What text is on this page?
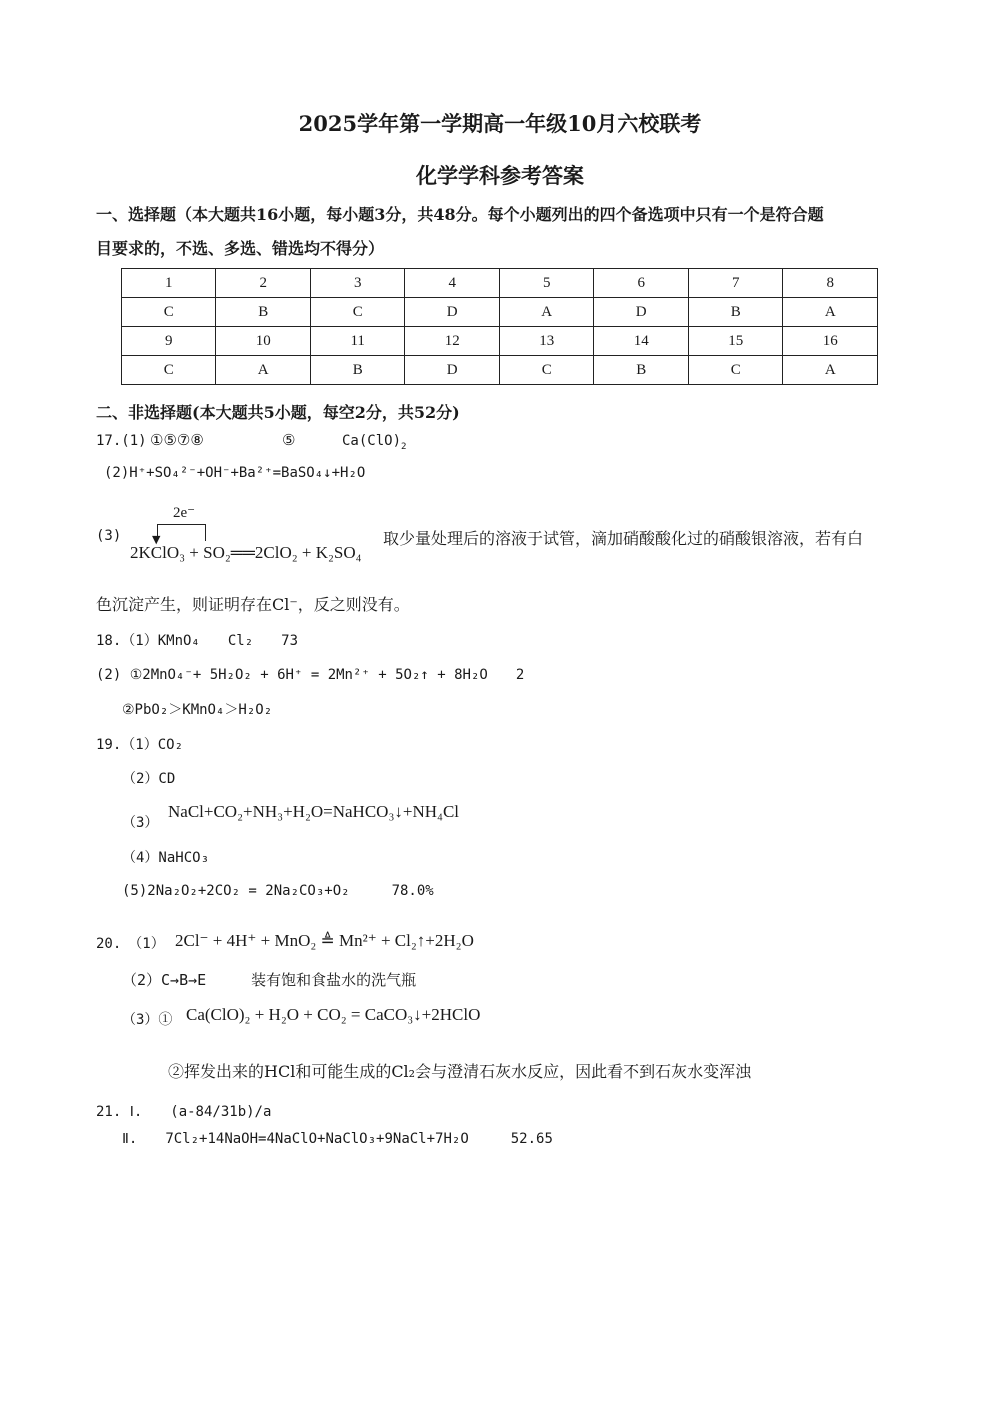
2025学年第一学期高一年级10月六校联考
化学学科参考答案
一、选择题（本大题共16小题，每小题3分，共48分。每个小题列出的四个备选项中只有一个是符合题
目要求的，不选、多选、错选均不得分）
1	2	3	4	5	6	7	8
C	B	C	D	A	D	B	A
9	10	11	12	13	14	15	16
C	A	B	D	C	B	C	A
二、非选择题(本大题共5小题，每空2分，共52分)
17.(1) ①⑤⑦⑧	⑤	$Ca(ClO)_2$
(2)H⁺+SO₄²⁻+OH⁻+Ba²⁺=BaSO₄↓+H₂O
(3)
2e⁻
▼
2KClO₃ + SO₂══2ClO₂ + K₂SO₄
取少量处理后的溶液于试管，滴加硝酸酸化过的硝酸银溶液，若有白
色沉淀产生，则证明存在Cl⁻，反之则没有。
18.（1）KMnO₄　　Cl₂　　73
(2) ①2MnO₄⁻+ 5H₂O₂ + 6H⁺ = 2Mn²⁺ + 5O₂↑ + 8H₂O　　2
②PbO₂＞KMnO₄＞H₂O₂
19.（1）CO₂
（2）CD
（3）
NaCl+CO₂+NH₃+H₂O=NaHCO₃↓+NH₄Cl
（4）NaHCO₃
(5)2Na₂O₂+2CO₂ = 2Na₂CO₃+O₂　　　78.0%
20.　（1） 2Cl⁻ + 4H⁺ + MnO₂ ≜ Mn²⁺ + Cl₂↑+2H₂O
（2）C→B→E　　　装有饱和食盐水的洗气瓶
（3）① Ca(ClO)₂ + H₂O + CO₂ = CaCO₃↓+2HClO
②挥发出来的HCl和可能生成的Cl₂会与澄清石灰水反应，因此看不到石灰水变浑浊
21. Ⅰ.　　(a-84/31b)/a
Ⅱ.　　7Cl₂+14NaOH=4NaClO+NaClO₃+9NaCl+7H₂O　　　52.65
